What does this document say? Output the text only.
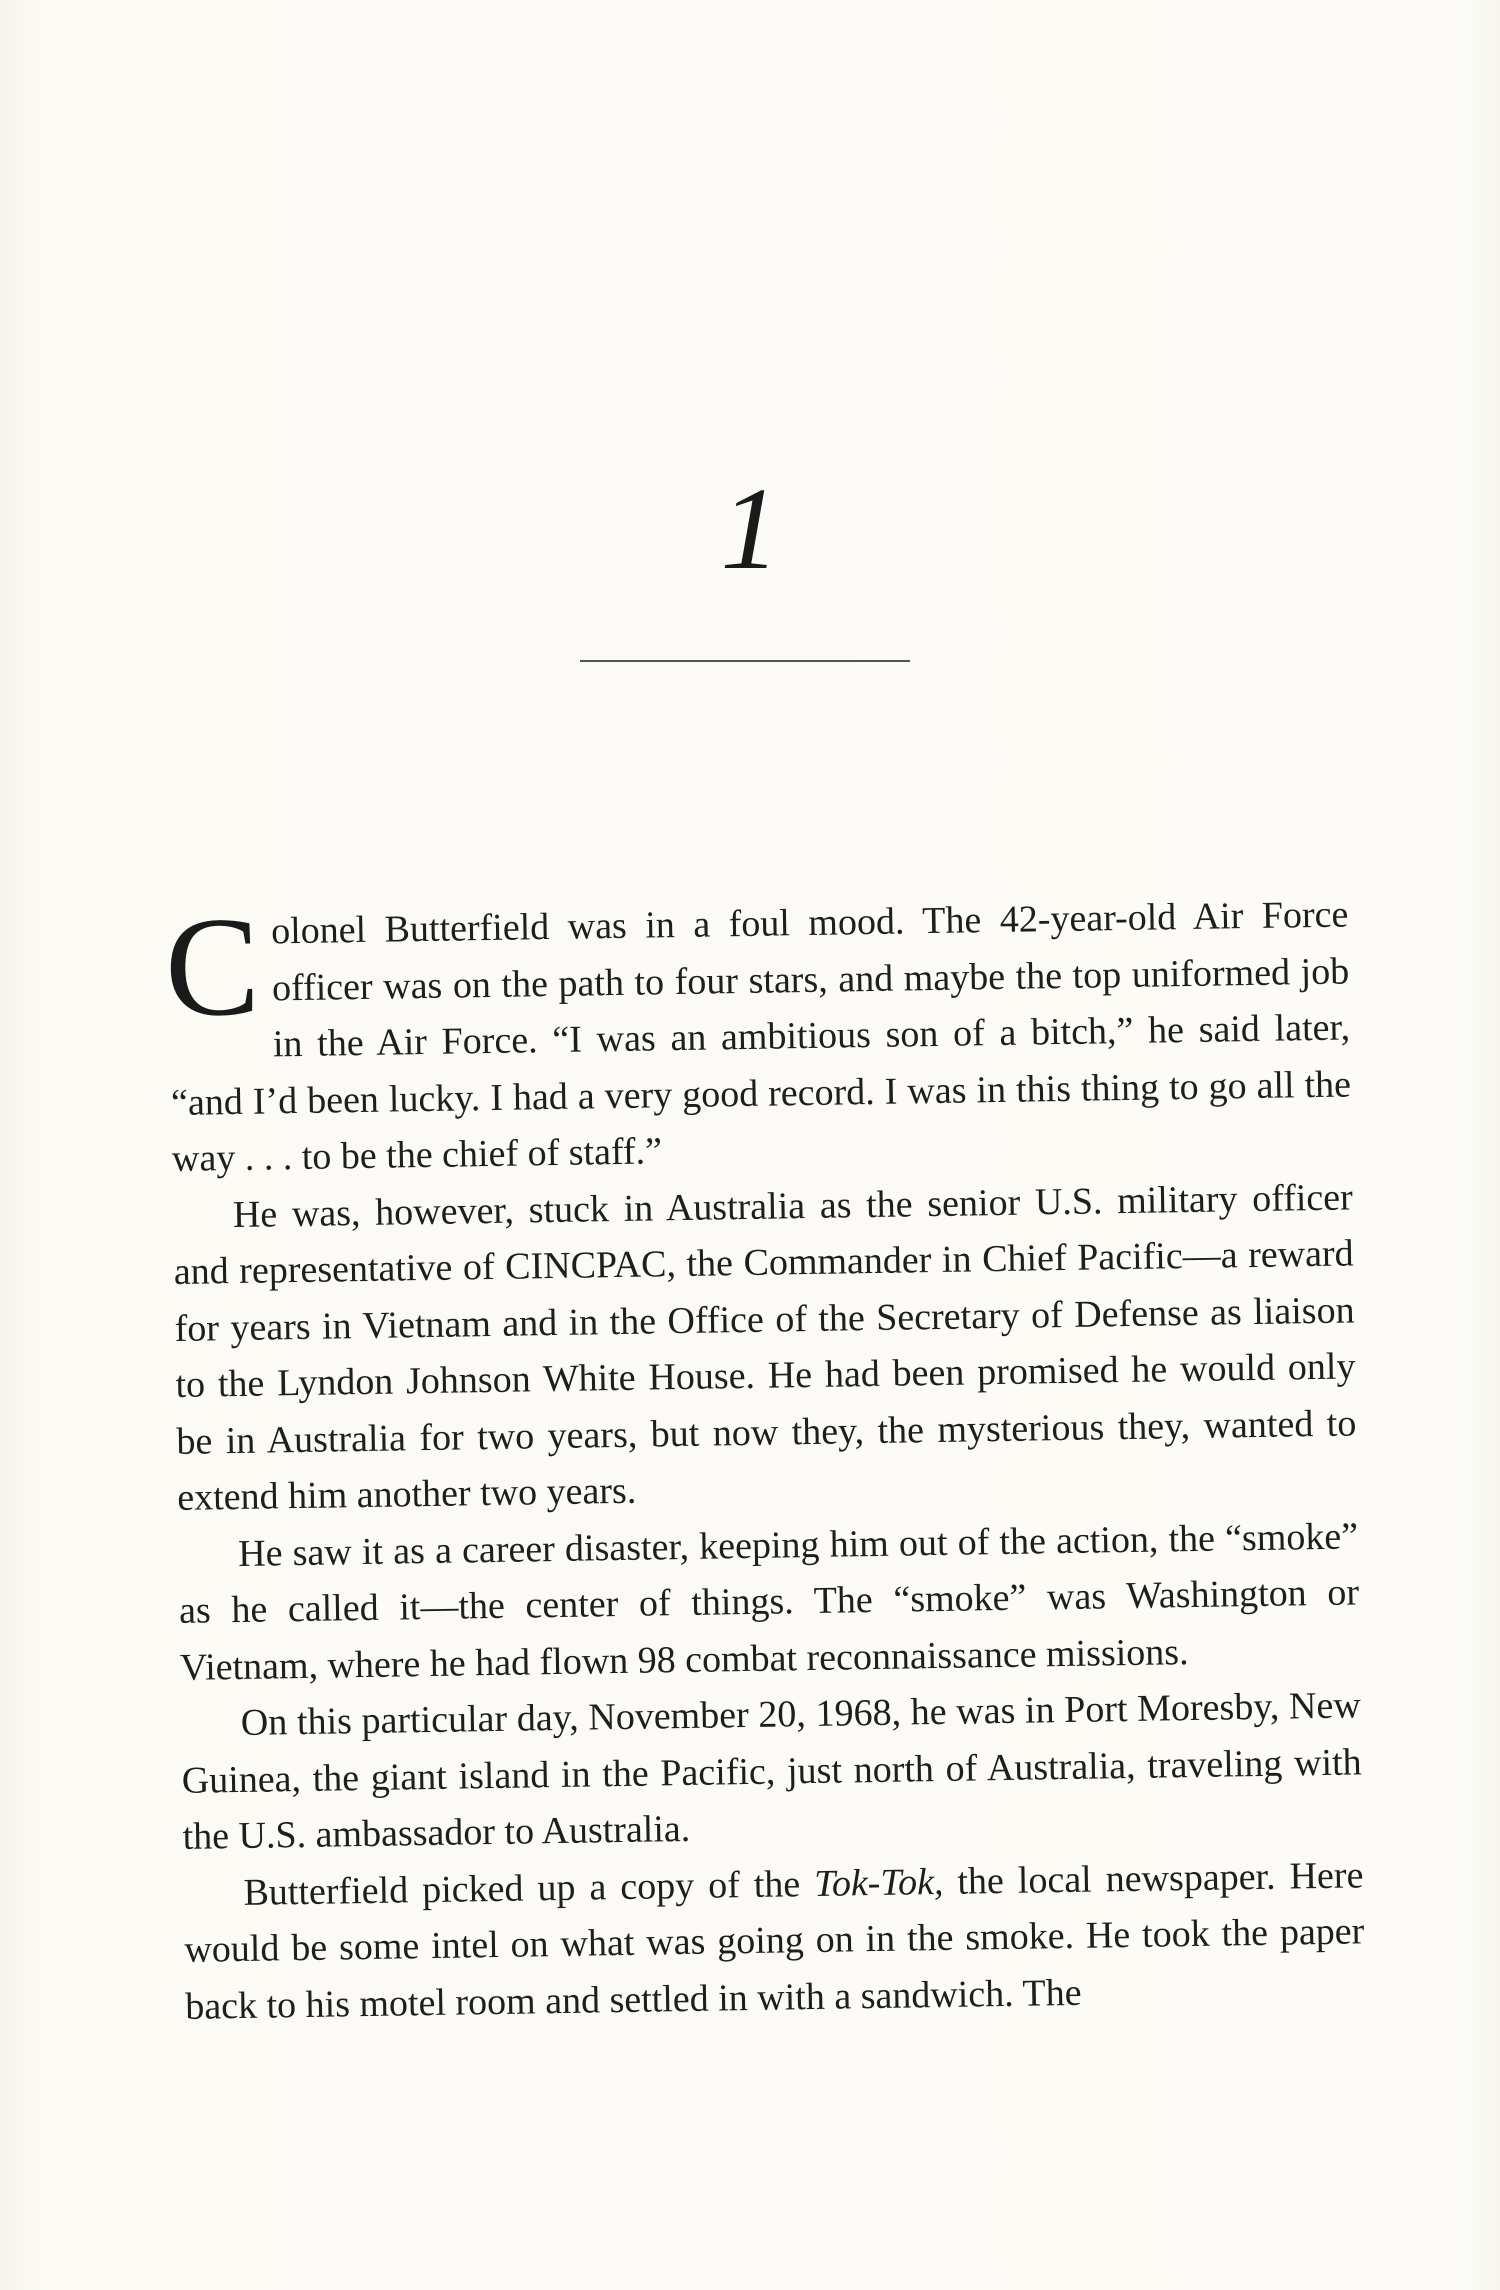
1

Colonel Butterfield was in a foul mood. The 42-year-old Air Force officer was on the path to four stars, and maybe the top uniformed job in the Air Force. “I was an ambitious son of a bitch,” he said later, “and I’d been lucky. I had a very good record. I was in this thing to go all the way . . . to be the chief of staff.”

He was, however, stuck in Australia as the senior U.S. military officer and representative of CINCPAC, the Commander in Chief Pacific—a reward for years in Vietnam and in the Office of the Secretary of Defense as liaison to the Lyndon Johnson White House. He had been promised he would only be in Australia for two years, but now they, the mysterious they, wanted to extend him another two years.

He saw it as a career disaster, keeping him out of the action, the “smoke” as he called it—the center of things. The “smoke” was Washington or Vietnam, where he had flown 98 combat reconnaissance missions.

On this particular day, November 20, 1968, he was in Port Moresby, New Guinea, the giant island in the Pacific, just north of Australia, traveling with the U.S. ambassador to Australia.

Butterfield picked up a copy of the Tok-Tok, the local newspaper. Here would be some intel on what was going on in the smoke. He took the paper back to his motel room and settled in with a sandwich. The
